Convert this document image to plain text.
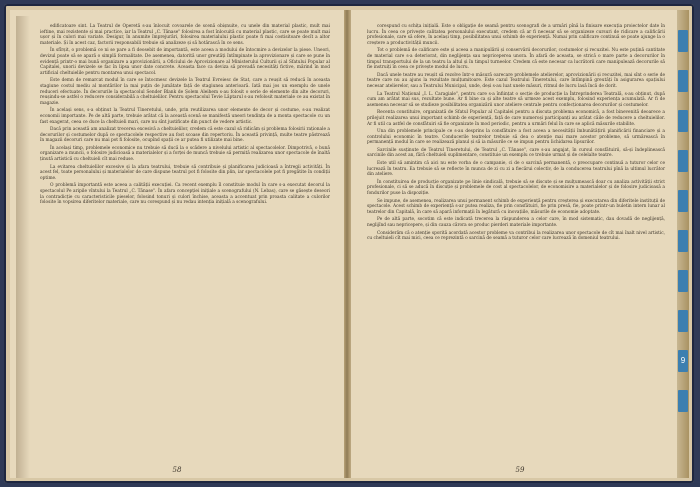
edificatoare sint. La Teatrul de Operetă s-au înlocuit covoarele de scenă obișnuite, cu unele din material plastic, mult mai ieftine, mai rezistente și mai practice, iar la Teatrul „C. Tănase" folosirea a fost înlocuită cu material plastic, care se poate mult mai ușor și în culori mai variate. Desigur, în anumite împrejurări, folosirea materialului plastic poate fi mai costisitoare decît a altor materiale. Și în acest caz, factorii responsabili trebuie să analizeze și să hotărască în ce sens.

În sfîrșit, o problemă ce ni se pare a fi deosebit de importantă, este aceea a modului de întocmire a devizelor la piese. Uneori, devizul poate să se apară o simplă formalitate. De asemenea, datorită unor greutăți întîmpinate la aprovizionare și care se pune în evidență printr-o mai bună organizare a aprovizionării, a Oficiului de Aprovizionare al Ministerului Culturii și al Sfatului Popular al Capitalei, unorii devizele se fac în lipsa unor date concrete. Aceasta face ca deviza să prevadă necesități fictive, mărind în mod artificial cheltuielile pentru montarea unui spectacol.

Este demn de remarcat modul în care se întocmesc devizele la Teatrul Evreiesc de Stat, care a reușit să reducă în aceasta stagiune costul mediu al montărilor la mai puțin de jumătate față de stagiunea anterioară. Iată mai jos un exemplu de unele reduceri efectuate. În decorurile la spectacolul Sender Blank de Șolem Aleihem s-au folosit o serie de elemente din alte decoruri, reușindu-se astfel o reducere considerabilă a cheltuielilor. Pentru spectacolul Tevie Lăptarul s-au refolosit materiale ce au existat în magazie.

În același sens, s-a obținut la Teatrul Tineretului, unde, prin reutilizarea unor elemente de decor și costume, s-au realizat economii importante. Pe de altă parte, trebuie arătat că la această scenă se manifestă uneori tendința de a monta spectacole cu un fast exagerat, ceea ce duce la cheltuieli mari, care nu sînt justificate din punct de vedere artistic.

Dacă prin această am analizat trecerea excesivă a cheltuielilor, credem că este cazul să ridicăm și problema folosirii raționale a decorurilor și costumelor după ce spectacolele respective au fost scoase din repertoriu. În această privință, multe teatre păstrează în magazii decoruri care nu mai pot fi folosite, ocupînd spații ce ar putea fi utilizate mai bine.

În același timp, problemele economice nu trebuie să ducă la o scădere a nivelului artistic al spectacolelor. Dimpotrivă, o bună organizare a muncii, o folosire judicioasă a materialelor și a forței de muncă trebuie să permită realizarea unor spectacole de înaltă ținută artistică cu cheltuieli cît mai reduse.

La evitarea cheltuielilor excesive și la afara teatrului, trebuie să contribuie și planificarea judicioasă a întregii activități. În acest fel, toate personalului și materialelor de care dispune teatrul pot fi folosite din plin, iar spectacolele pot fi pregătite în condiții optime.

O problemă importantă este aceea a calității execuției. Ca recent exemplu îl constituie modul în care s-a executat decorul la spectacolul Pe aripile vîntului la Teatrul „C. Tănase". În afara concepției inițiale a scenografului (N. Lebas), care se găsește deseori la contradicție cu caracteristicile pieselor, folosind tonuri și culori închise, aceasta a accentuat prin proasta calitate a culorilor folosite în vopsirea diferitelor materiale, care nu corespund și nu redau intenția inițială a scenografului.

58

corespund cu schița inițială. Este o obligație de seamă pentru scenografi de a urmări pînă la finisare execuția proiectelor date în lucru. În ceea ce privește calitatea personalului executant, credem că ar fi necesar să se organizeze cursuri de ridicare a calificării profesionale, care să ofere, în același timp, posibilitatea unui schimb de experiență. Numai prin calificare continuă se poate ajunge la o creștere a productivității muncii.

Tot o problemă de calificare este și aceea a manipulării și conservării decorurilor, costumelor și recuzitei. Nu este puțină cantitate de material care s-a deteriorat, din neglijența sau nepriceperea unora. În afară de aceasta, se strică o mare parte a decorurilor în timpul transportului de la un teatru la altul și în timpul turneelor. Credem că este necesar ca lucrătorii care manipulează decorurile să fie instruiți în ceea ce privește modul de lucru.

Dacă unele teatre au reușit să rezolve într-o măsură oarecare problemele atelierelor, aprovizionării și recuzitei, mai sînt o serie de teatre care nu au ajuns la rezultate mulțumitoare. Este cazul Teatrului Tineretului, care întîmpină greutăți în asigurarea spațiului necesar atelierelor, sau a Teatrului Municipal, unde, deși s-au luat unele măsuri, ritmul de lucru lasă încă de dorit.

La Teatrul Național „I. L. Caragiale", pentru care s-a înființat o secție de producție la Întreprinderea Teatrală, s-au obținut, după cum am arătat mai sus, rezultate bune. Ar fi bine ca și alte teatre să urmeze acest exemplu, folosind experiența acumulată. Ar fi de asemenea necesar să se studieze posibilitatea organizării unor ateliere centrale pentru confecționarea decorurilor și costumelor.

Recenta constituire, organizată de Sfatul Popular al Capitalei pentru a discuta problema economică, a fost binevenită deoarece a prilejuit realizarea unui important schimb de experiență, față de care numeroși participanți au arătat căile de reducere a cheltuielilor. Ar fi util ca astfel de consfătuiri să fie organizate în mod periodic, pentru a urmări felul în care se aplică măsurile stabilite.

Una din problemele principale ce s-au desprins la consfătuire a fost aceea a necesității îmbunătățirii planificării financiare și a controlului economic în teatre. Conducerile teatrelor trebuie să dea o atenție mai mare acestor probleme, să urmărească în permanență modul în care se realizează planul și să ia măsurile ce se impun pentru lichidarea lipsurilor.

Sarcinile susținute de Teatrul Tineretului, de Teatrul „C. Tănase", care s-au angajat, în cursul consfătuirii, să-și îndeplinească sarcinile din acest an, fără cheltuieli suplimentare, constituie un exemplu ce trebuie urmat și de celelalte teatre.

Este util să amintim că aici nu este vorba de o campanie, ci de o sarcină permanentă, o preocupare continuă a tuturor celor ce lucrează în teatru. Ea trebuie să se reflecte în munca de zi cu zi a fiecărui colectiv, de la conducerea teatrului pînă la ultimul lucrător din ateliere.

În constituirea de producție organizate pe linie sindicală, trebuie să se discute și se mulțumească doar cu analiza activității strict profesionale, ci să se aducă în discuție și problemele de cost al spectacolelor, de economisire a materialelor și de folosire judicioasă a fondurilor puse la dispoziție.

Se impune, de asemenea, realizarea unui permanent schimb de experiență pentru creșterea și executarea din diferitele instituții de spectacole. Acest schimb de experiență s-ar putea realiza, fie prin consfătuiri, fie prin presă, fie, poate printr-un buletin intern lunar al teatrelor din Capitală, în care să apară informații în legătură cu inovațiile, măsurile de economie adoptate.

Pe de altă parte, socotim că este indicată trecerea la răspunderea a celor care, în mod sistematic, dau dovadă de neglijență, neglijînd sau nepricepere, și din cauza cărora se produc pierderi materiale importante.

Considerăm că o atenție sporită acordată acestor probleme va contribui la realizarea unor spectacole de cît mai înalt nivel artistic, cu cheltuieli cît mai mici, ceea ce reprezintă o sarcină de seamă a tuturor celor care lucrează în domeniul teatrului.

59
9
